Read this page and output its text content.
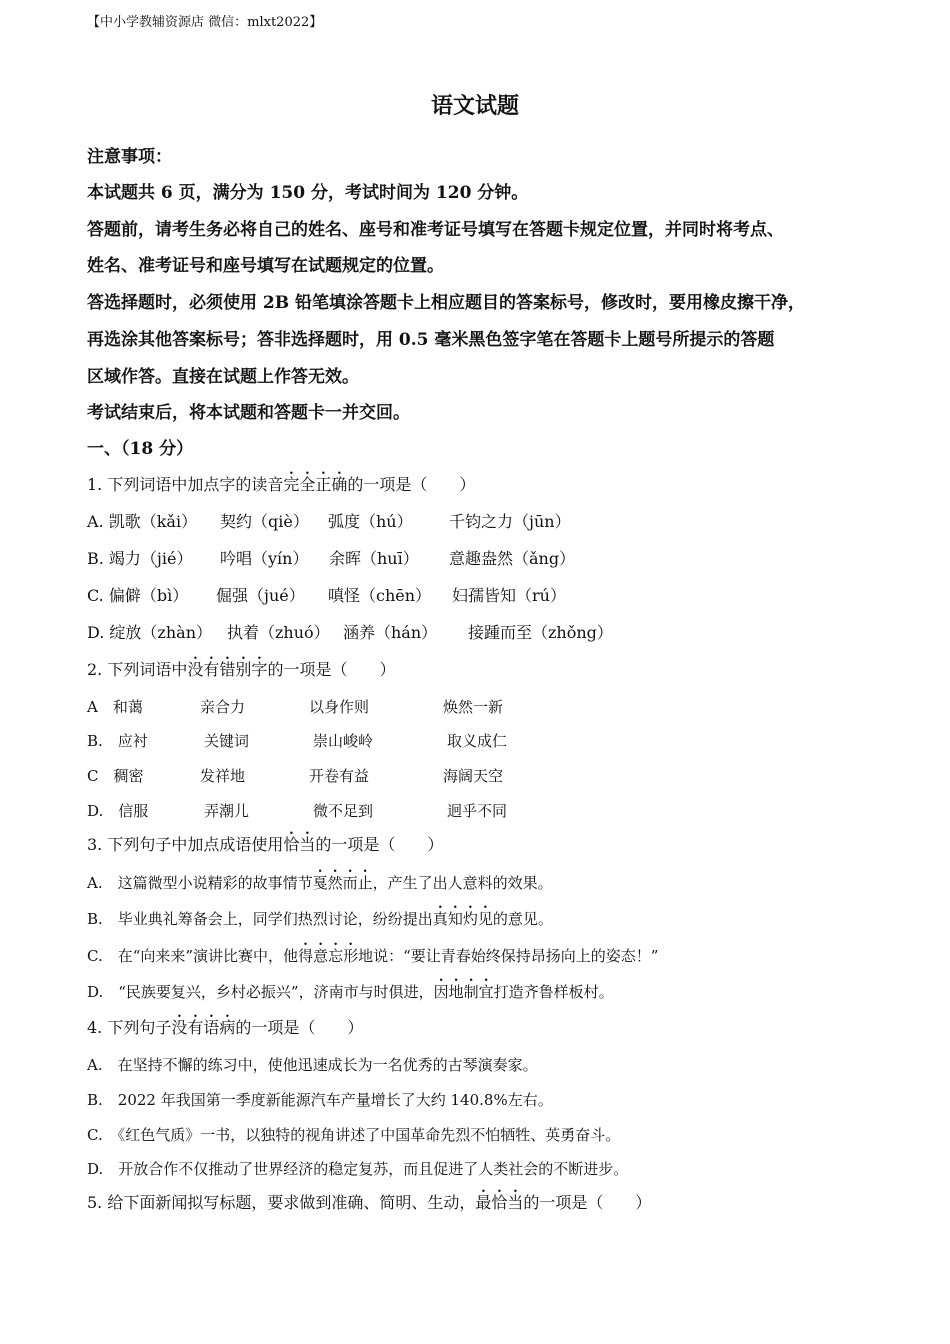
【中小学教辅资源店 微信：mlxt2022】
语文试题
注意事项：
本试题共 6 页，满分为 150 分，考试时间为 120 分钟。
答题前，请考生务必将自己的姓名、座号和准考证号填写在答题卡规定位置，并同时将考点、
姓名、准考证号和座号填写在试题规定的位置。
答选择题时，必须使用 2B 铅笔填涂答题卡上相应题目的答案标号，修改时，要用橡皮擦干净，
再选涂其他答案标号；答非选择题时，用 0.5 毫米黑色签字笔在答题卡上题号所提示的答题
区域作答。直接在试题上作答无效。
考试结束后，将本试题和答题卡一并交回。
一、（18 分）
1. 下列词语中加点字的读音完全正确的一项是（　　）
A. 凯歌（kǎi） 契约（qiè） 弧度（hú） 千钧之力（jūn）
B. 竭力（jié） 吟唱（yín） 余晖（huī） 意趣盎然（ǎng）
C. 偏僻（bì） 倔强（jué） 嗔怪（chēn） 妇孺皆知（rú）
D. 绽放（zhàn） 执着（zhuó） 涵养（hán） 接踵而至（zhǒng）
2. 下列词语中没有错别字的一项是（　　）
A　和蔼	亲合力	以身作则	焕然一新
B.　应衬	关键词	崇山峻岭	取义成仁
C　稠密	发祥地	开卷有益	海阔天空
D.　信服	弄潮儿	微不足到	迥乎不同
3. 下列句子中加点成语使用恰当的一项是（　　）
A.　这篇微型小说精彩的故事情节戛然而止，产生了出人意料的效果。
B.　毕业典礼筹备会上，同学们热烈讨论，纷纷提出真知灼见的意见。
C.　在“向来来”演讲比赛中，他得意忘形地说：“要让青春始终保持昂扬向上的姿态！”
D.　“民族要复兴，乡村必振兴”，济南市与时俱进，因地制宜打造齐鲁样板村。
4. 下列句子没有语病的一项是（　　）
A.　在坚持不懈的练习中，使他迅速成长为一名优秀的古琴演奏家。
B.　2022 年我国第一季度新能源汽车产量增长了大约 140.8%左右。
C.　《红色气质》一书，以独特的视角讲述了中国革命先烈不怕牺牲、英勇奋斗。
D.　开放合作不仅推动了世界经济的稳定复苏，而且促进了人类社会的不断进步。
5. 给下面新闻拟写标题，要求做到准确、简明、生动，最恰当的一项是（　　）
